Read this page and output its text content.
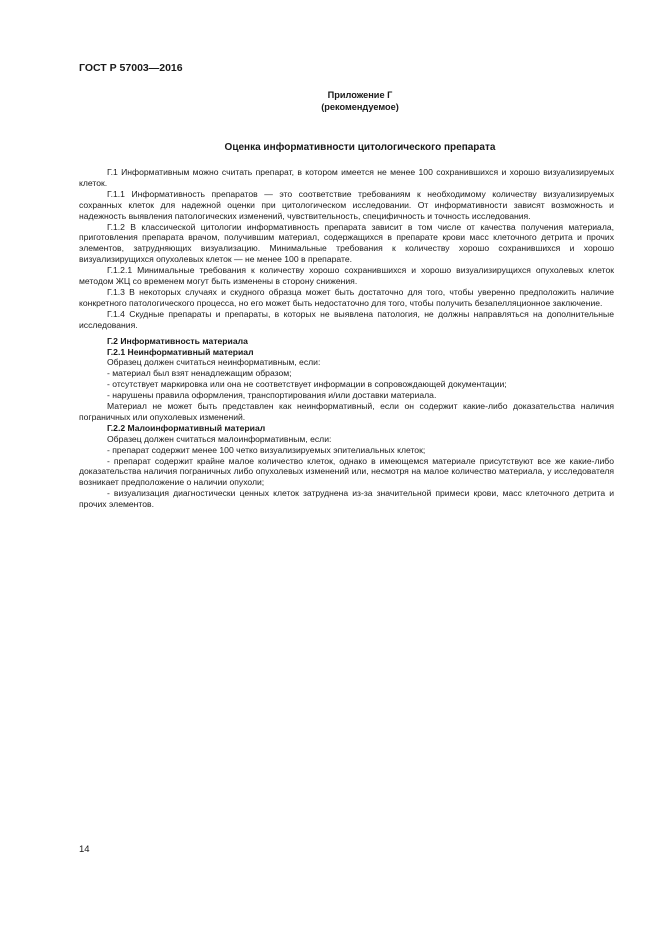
ГОСТ Р 57003—2016
Приложение Г
(рекомендуемое)
Оценка информативности цитологического препарата

Г.1 Информативным можно считать препарат, в котором имеется не менее 100 сохранившихся и хорошо визуализируемых клеток.

Г.1.1 Информативность препаратов — это соответствие требованиям к необходимому количеству визуализируемых сохранных клеток для надежной оценки при цитологическом исследовании. От информативности зависят возможность и надежность выявления патологических изменений, чувствительность, специфичность и точность исследования.

Г.1.2 В классической цитологии информативность препарата зависит в том числе от качества получения материала, приготовления препарата врачом, получившим материал, содержащихся в препарате крови масс клеточного детрита и прочих элементов, затрудняющих визуализацию. Минимальные требования к количеству хорошо сохранившихся и хорошо визуализирущихся опухолевых клеток — не менее 100 в препарате.

Г.1.2.1 Минимальные требования к количеству хорошо сохранившихся и хорошо визуализирущихся опухолевых клеток методом ЖЦ со временем могут быть изменены в сторону снижения.

Г.1.3 В некоторых случаях и скудного образца может быть достаточно для того, чтобы уверенно предположить наличие конкретного патологического процесса, но его может быть недостаточно для того, чтобы получить безапелляционное заключение.

Г.1.4 Скудные препараты и препараты, в которых не выявлена патология, не должны направляться на дополнительные исследования.

Г.2 Информативность материала

Г.2.1 Неинформативный материал

Образец должен считаться неинформативным, если:

- материал был взят ненадлежащим образом;

- отсутствует маркировка или она не соответствует информации в сопровождающей документации;

- нарушены правила оформления, транспортирования и/или доставки материала.

Материал не может быть представлен как неинформативный, если он содержит какие-либо доказательства наличия пограничных или опухолевых изменений.

Г.2.2 Малоинформативный материал

Образец должен считаться малоинформативным, если:

- препарат содержит менее 100 четко визуализируемых эпителиальных клеток;

- препарат содержит крайне малое количество клеток, однако в имеющемся материале присутствуют все же какие-либо доказательства наличия пограничных либо опухолевых изменений или, несмотря на малое количество материала, у исследователя возникает предположение о наличии опухоли;

- визуализация диагностически ценных клеток затруднена из-за значительной примеси крови, масс клеточного детрита и прочих элементов.

14
